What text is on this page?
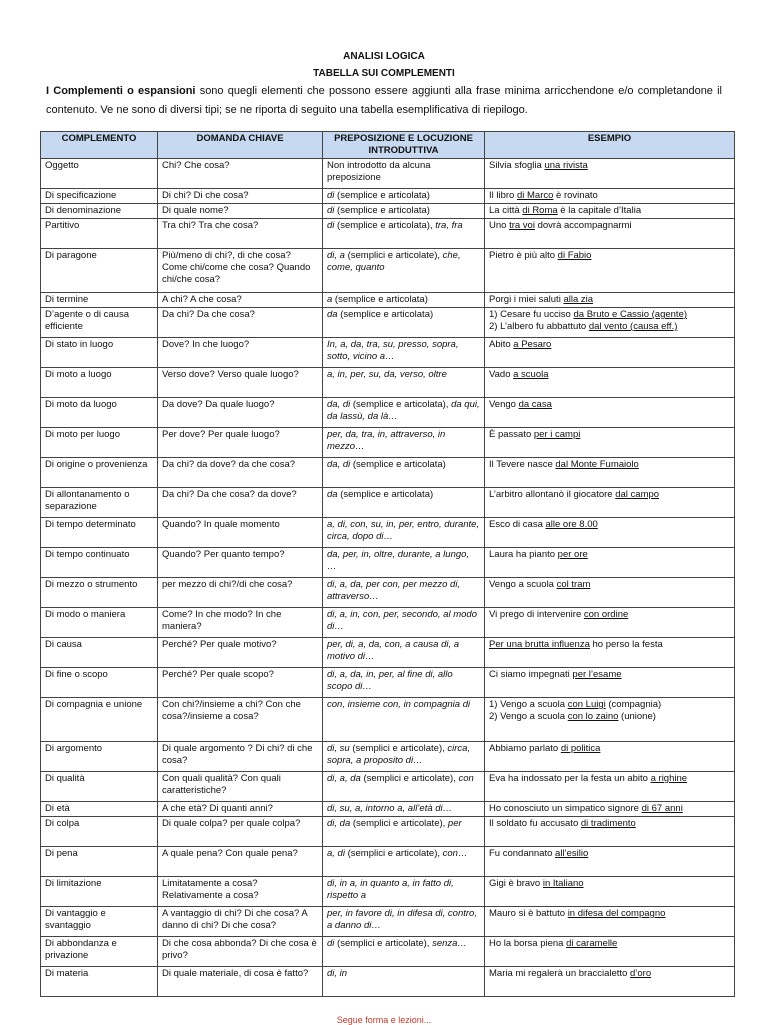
ANALISI LOGICA
TABELLA SUI COMPLEMENTI
I Complementi o espansioni sono quegli elementi che possono essere aggiunti alla frase minima arricchendone e/o completandone il contenuto. Ve ne sono di diversi tipi; se ne riporta di seguito una tabella esemplificativa di riepilogo.
COMPLEMENTO	DOMANDA CHIAVE	PREPOSIZIONE E LOCUZIONE INTRODUTTIVA	ESEMPIO
Oggetto	Chi? Che cosa?	Non introdotto da alcuna preposizione	Silvia sfoglia una rivista

Di specificazione	Di chi? Di che cosa?	di (semplice e articolata)	Il libro di Marco è rovinato

Di denominazione	Di quale nome?	di (semplice e articolata)	La città di Roma è la capitale d’Italia

Partitivo	Tra chi? Tra che cosa?	di (semplice e articolata), tra, fra	Uno tra voi dovrà accompagnarmi

Di paragone	Più/meno di chi?, di che cosa? Come chi/come che cosa? Quando chi/che cosa?	di, a (semplici e articolate), che, come, quanto	Pietro è più alto di Fabio

Di termine	A chi? A che cosa?	a (semplice e articolata)	Porgi i miei saluti alla zia

D’agente o di causa efficiente	Da chi? Da che cosa?	da (semplice e articolata)	1) Cesare fu ucciso da Bruto e Cassio (agente)
2) L’albero fu abbattuto dal vento (causa eff.)

Di stato in luogo	Dove? In che luogo?	In, a, da, tra, su, presso, sopra, sotto, vicino a…	Abito a Pesaro

Di moto a luogo	Verso dove? Verso quale luogo?	a, in, per, su, da, verso, oltre	Vado a scuola

Di moto da luogo	Da dove? Da quale luogo?	da, di (semplice e articolata), da qui, da lassù, da là…	Vengo da casa

Di moto per luogo	Per dove? Per quale luogo?	per, da, tra, in, attraverso, in mezzo…	È passato per i campi

Di origine o provenienza	Da chi? da dove? da che cosa?	da, di (semplice e articolata)	Il Tevere nasce dal Monte Fumaiolo

Di allontanamento o separazione	Da chi? Da che cosa? da dove?	da (semplice e articolata)	L’arbitro allontanò il giocatore dal campo

Di tempo determinato	Quando? In quale momento	a, di, con, su, in, per, entro, durante, circa, dopo di…	Esco di casa alle ore 8.00

Di tempo continuato	Quando? Per quanto tempo?	da, per, in, oltre, durante, a lungo, …	Laura ha pianto per ore

Di mezzo o strumento	per mezzo di chi?/di che cosa?	di, a, da, per con, per mezzo di, attraverso…	Vengo a scuola col tram

Di modo o maniera	Come? In che modo? In che maniera?	di, a, in, con, per, secondo, al modo di…	Vi prego di intervenire con ordine

Di causa	Perché? Per quale motivo?	per, di, a, da, con, a causa di, a motivo di…	Per una brutta influenza ho perso la festa

Di fine o scopo	Perché? Per quale scopo?	di, a, da, in, per, al fine di, allo scopo di…	Ci siamo impegnati per l’esame

Di compagnia e unione	Con chi?/insieme a chi? Con che cosa?/insieme a cosa?	con, insieme con, in compagnia di	1) Vengo a scuola con Luigi (compagnia)
2) Vengo a scuola con lo zaino (unione)

Di argomento	Di quale argomento ? Di chi? di che cosa?	di, su (semplici e articolate), circa, sopra, a proposito di…	Abbiamo parlato di politica

Di qualità	Con quali qualità? Con quali caratteristiche?	di, a, da (semplici e articolate), con	Eva ha indossato per la festa un abito a righine

Di età	A che età? Di quanti anni?	di, su, a, intorno a, all’età di…	Ho conosciuto un simpatico signore di 67 anni

Di colpa	Di quale colpa? per quale colpa?	di, da (semplici e articolate), per	Il soldato fu accusato di tradimento

Di pena	A quale pena? Con quale pena?	a, di (semplici e articolate), con…	Fu condannato all’esilio

Di limitazione	Limitatamente a cosa? Relativamente a cosa?	di, in a, in quanto a, in fatto di, rispetto a	Gigi è bravo in Italiano

Di vantaggio e svantaggio	A vantaggio di chi? Di che cosa? A danno di chi? Di che cosa?	per, in favore di, in difesa di, contro, a danno di…	Mauro si è battuto in difesa del compagno

Di abbondanza e privazione	Di che cosa abbonda? Di che cosa è privo?	di (semplici e articolate), senza…	Ho la borsa piena di caramelle

Di materia	Di quale materiale, di cosa è fatto?	di, in	Maria mi regalerà un braccialetto d’oro
Segue forma e lezioni...
